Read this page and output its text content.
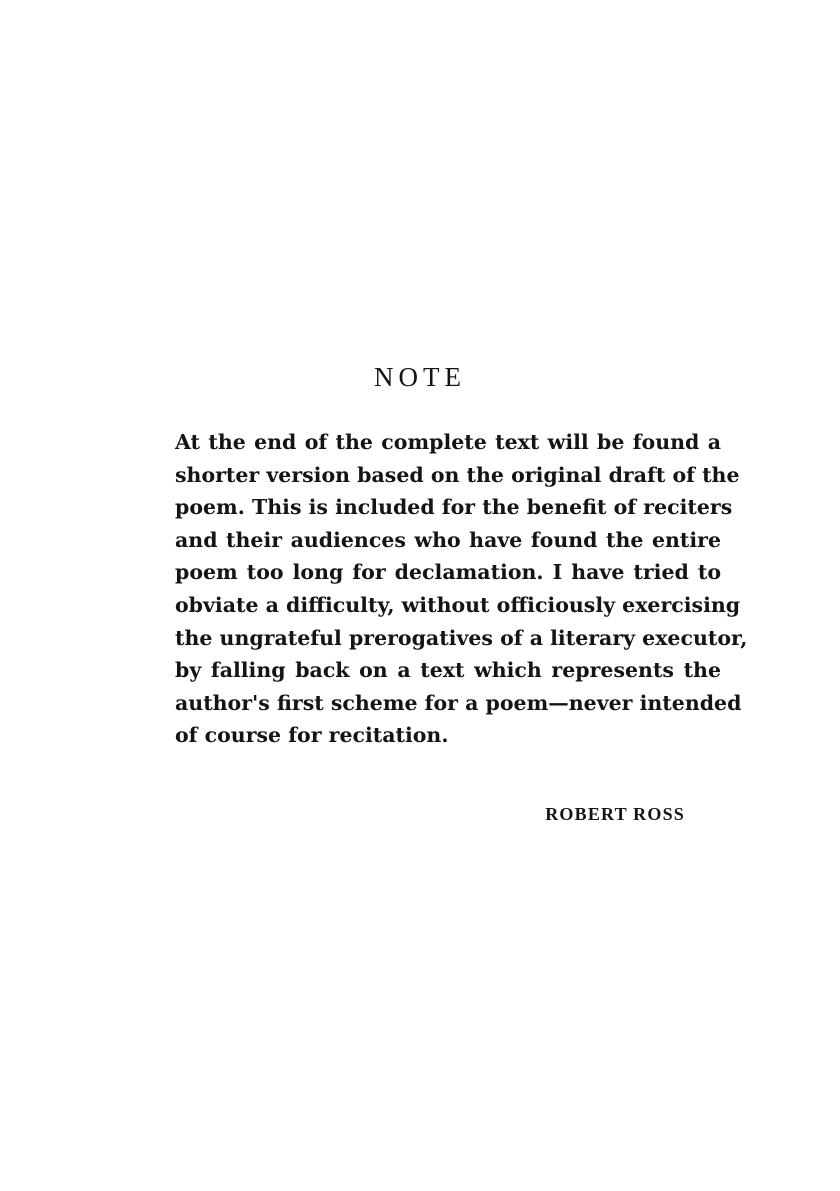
NOTE
At the end of the complete text will be found a
shorter version based on the original draft of the
poem. This is included for the benefit of reciters
and their audiences who have found the entire
poem too long for declamation. I have tried to
obviate a difficulty, without officiously exercising
the ungrateful prerogatives of a literary executor,
by falling back on a text which represents the
author's first scheme for a poem—never intended
of course for recitation.
ROBERT ROSS
